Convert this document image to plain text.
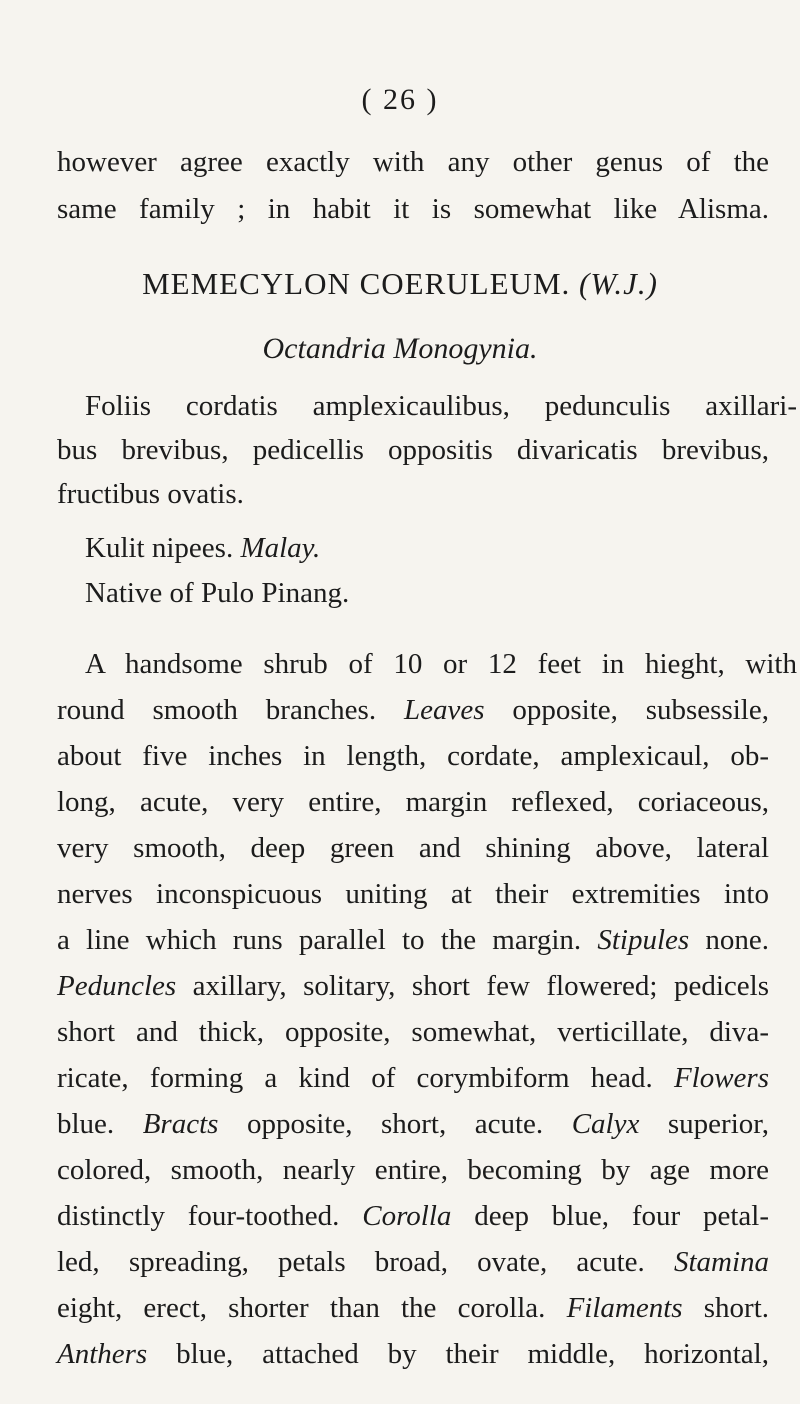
( 26 )
however agree exactly with any other genus of the
same family ; in habit it is somewhat like Alisma.
MEMECYLON COERULEUM. (W.J.)
Octandria Monogynia.
Foliis cordatis amplexicaulibus, pedunculis axillari-
bus brevibus, pedicellis oppositis divaricatis brevibus,
fructibus ovatis.
Kulit nipees. Malay.
Native of Pulo Pinang.
A handsome shrub of 10 or 12 feet in hieght, with
round smooth branches. Leaves opposite, subsessile,
about five inches in length, cordate, amplexicaul, ob-
long, acute, very entire, margin reflexed, coriaceous,
very smooth, deep green and shining above, lateral
nerves inconspicuous uniting at their extremities into
a line which runs parallel to the margin. Stipules none.
Peduncles axillary, solitary, short few flowered; pedicels
short and thick, opposite, somewhat, verticillate, diva-
ricate, forming a kind of corymbiform head. Flowers
blue. Bracts opposite, short, acute. Calyx superior,
colored, smooth, nearly entire, becoming by age more
distinctly four-toothed. Corolla deep blue, four petal-
led, spreading, petals broad, ovate, acute. Stamina
eight, erect, shorter than the corolla. Filaments short.
Anthers blue, attached by their middle, horizontal,
